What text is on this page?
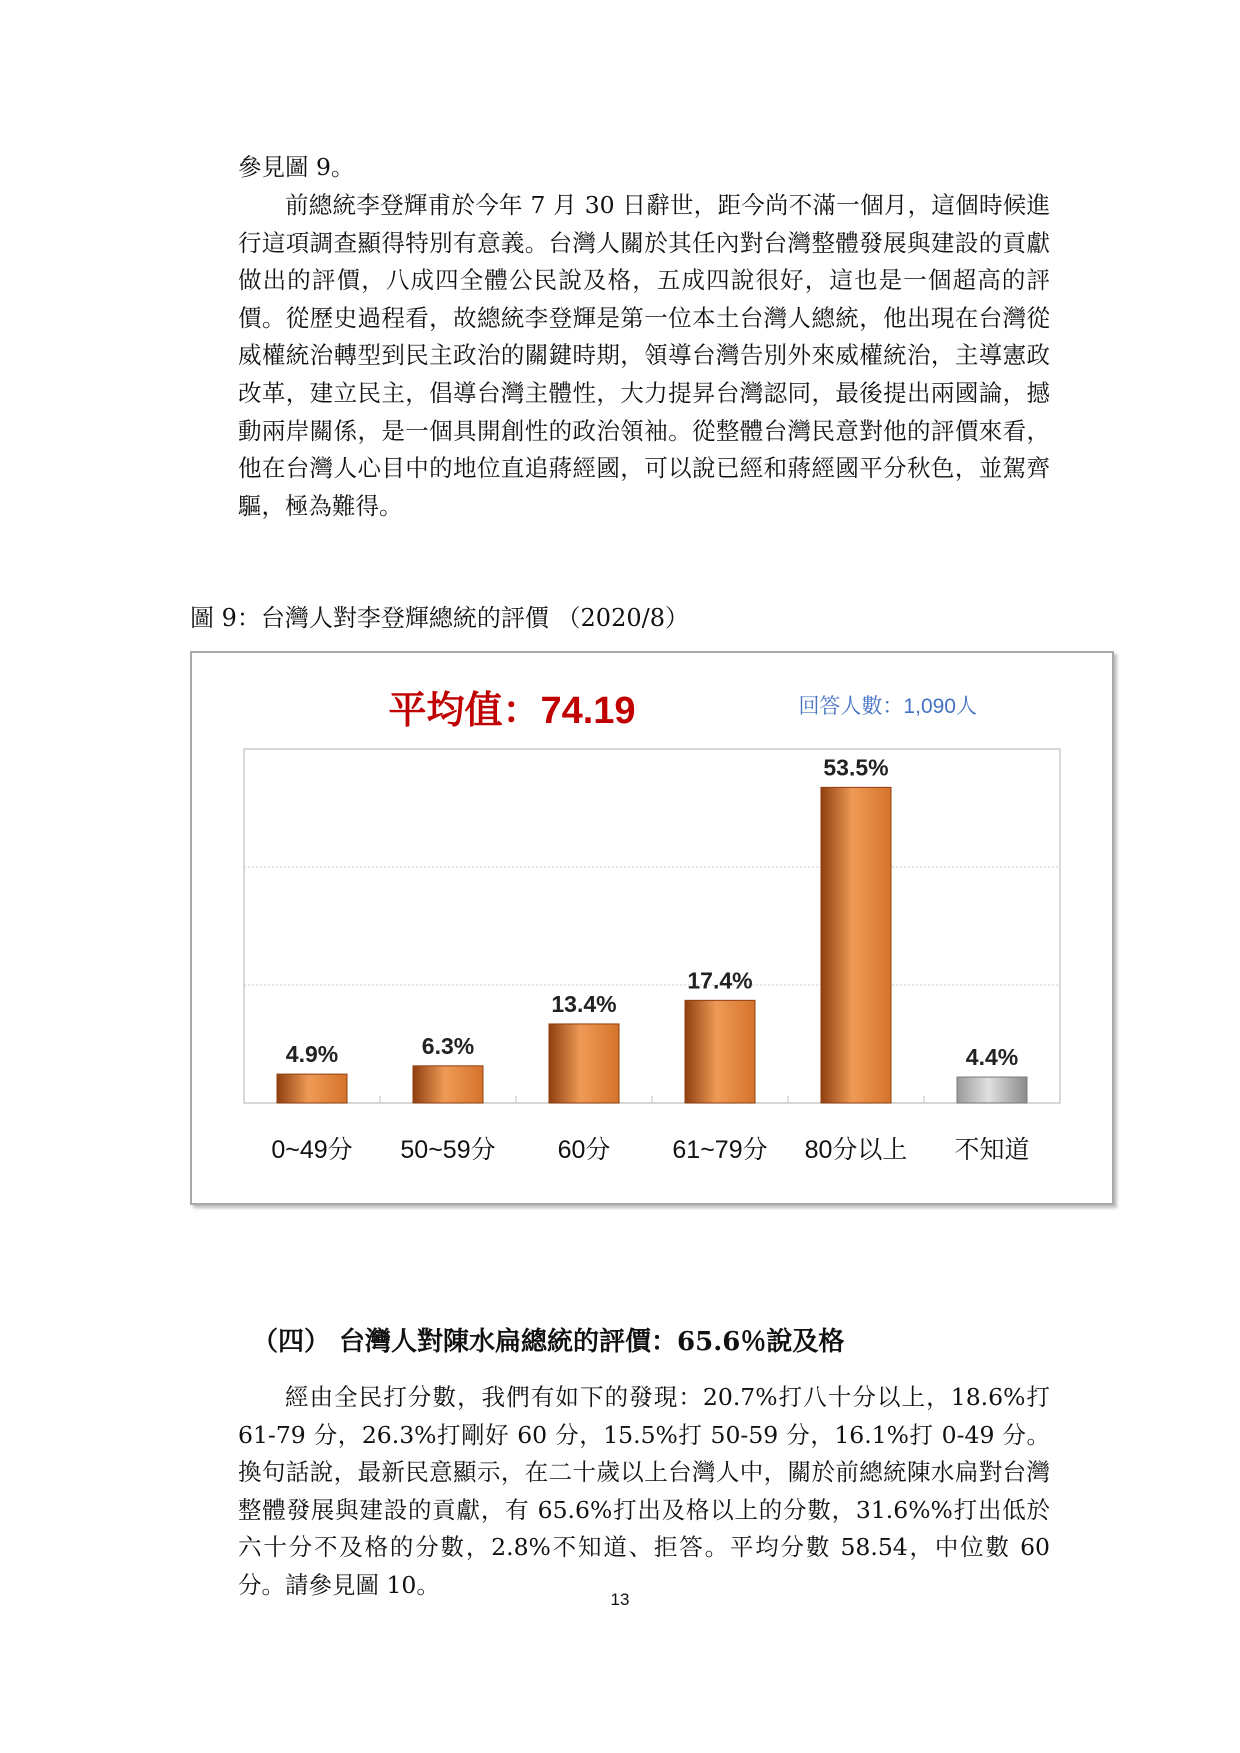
參見圖 9。

前總統李登輝甫於今年 7 月 30 日辭世，距今尚不滿一個月，這個時候進行這項調查顯得特別有意義。台灣人關於其任內對台灣整體發展與建設的貢獻做出的評價，八成四全體公民說及格，五成四說很好，這也是一個超高的評價。從歷史過程看，故總統李登輝是第一位本土台灣人總統，他出現在台灣從威權統治轉型到民主政治的關鍵時期，領導台灣告別外來威權統治，主導憲政改革，建立民主，倡導台灣主體性，大力提昇台灣認同，最後提出兩國論，撼動兩岸關係，是一個具開創性的政治領袖。從整體台灣民意對他的評價來看，他在台灣人心目中的地位直追蔣經國，可以說已經和蔣經國平分秋色，並駕齊驅，極為難得。

圖 9：台灣人對李登輝總統的評價 （2020/8）

平均值：74.19	回答人數：1,090人
4.9%	6.3%
13.4%
17.4%
53.5%
4.4%
0~49分 50~59分 60分 61~79分 80分以上 不知道

（四） 台灣人對陳水扁總統的評價：65.6％說及格

經由全民打分數，我們有如下的發現：20.7%打八十分以上，18.6%打 61-79 分，26.3%打剛好 60 分，15.5%打 50-59 分，16.1%打 0-49 分。換句話說，最新民意顯示，在二十歲以上台灣人中，關於前總統陳水扁對台灣整體發展與建設的貢獻，有 65.6%打出及格以上的分數，31.6%%打出低於六十分不及格的分數，2.8%不知道、拒答。平均分數 58.54，中位數 60 分。請參見圖 10。

13
